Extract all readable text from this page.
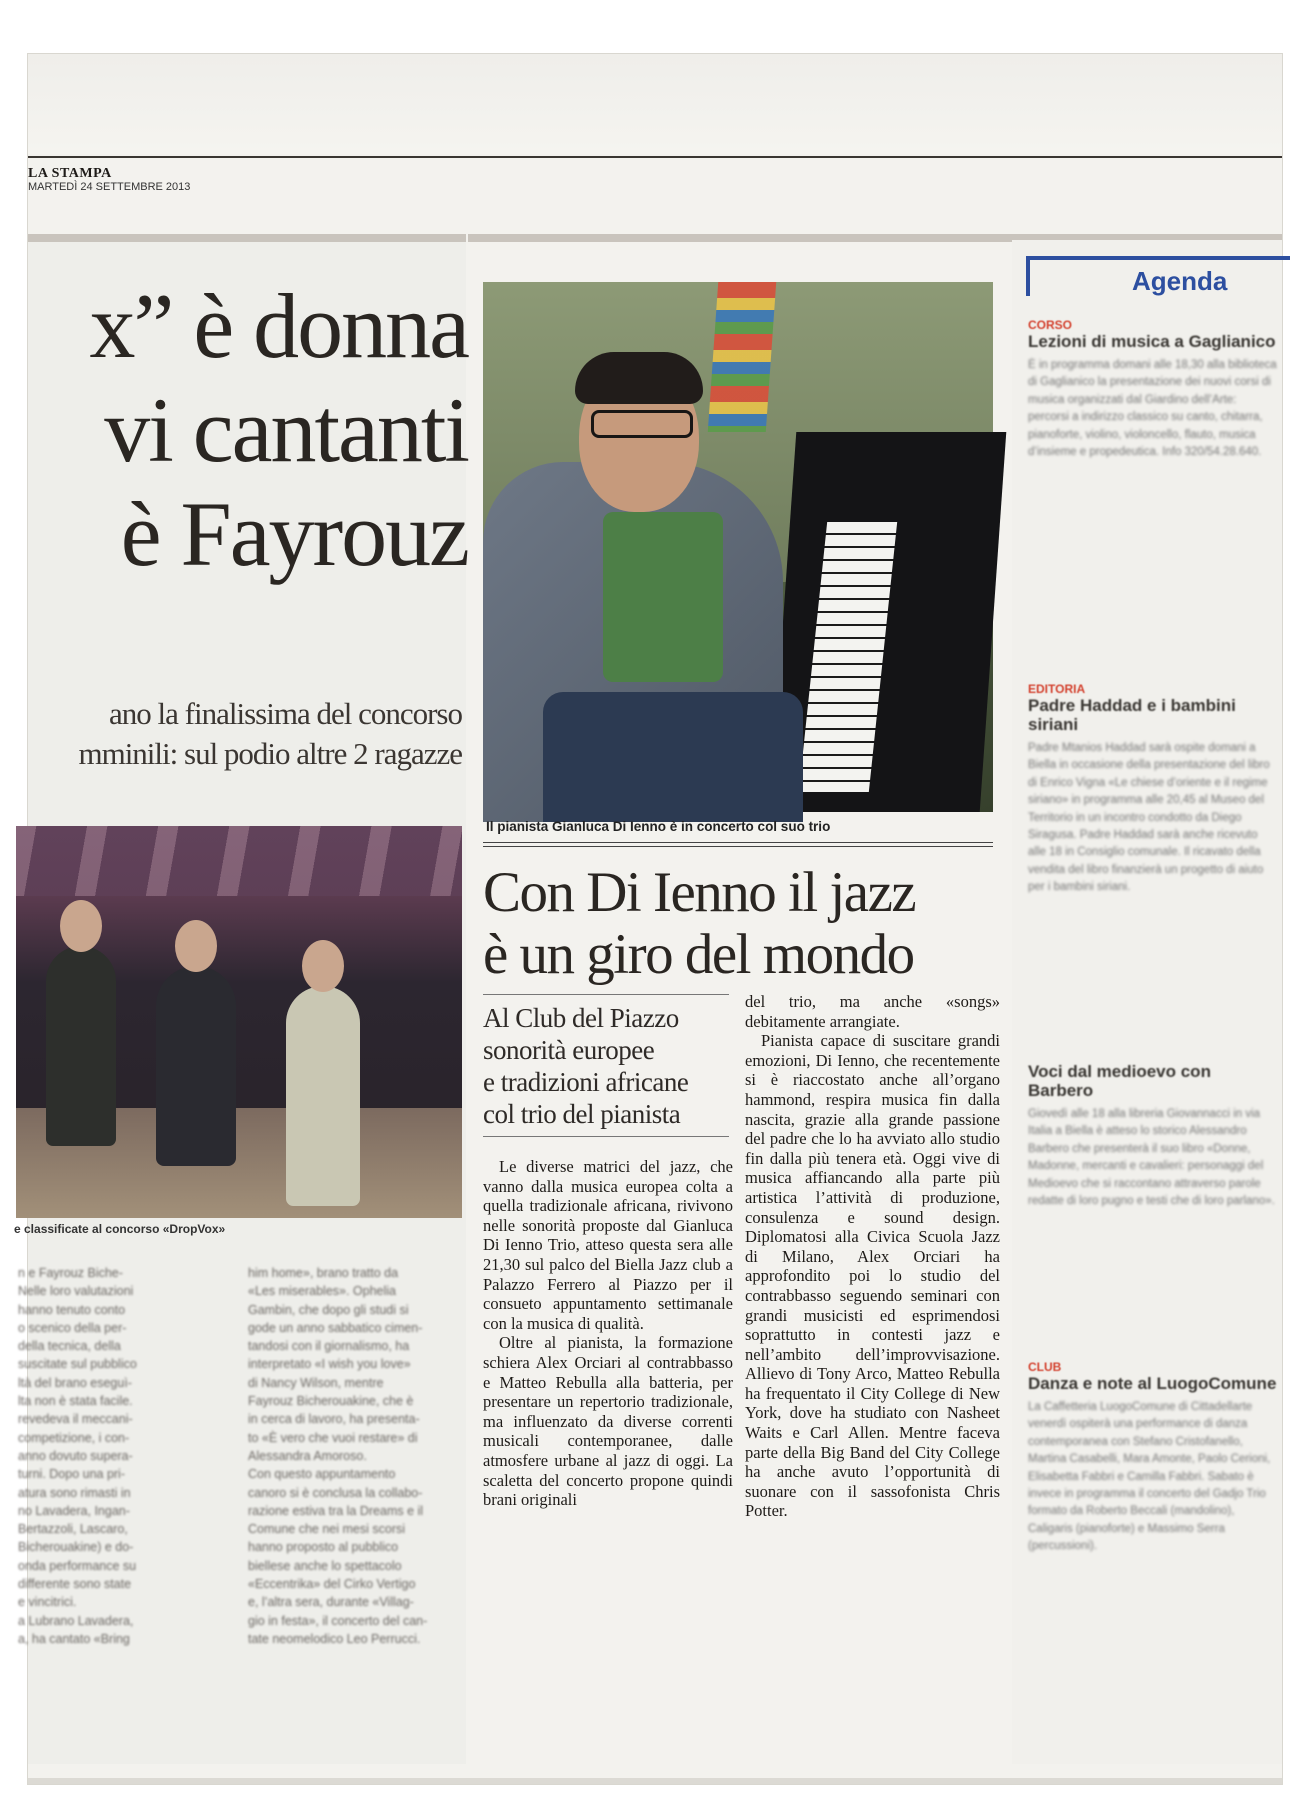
LA STAMPA
MARTEDÌ 24 SETTEMBRE 2013
x” è donna
vi cantanti
è Fayrouz
ano la finalissima del concorso
mminili: sul podio altre 2 ragazze
e classificate al concorso «DropVox»

n e Fayrouz Biche-

Nelle loro valutazioni

hanno tenuto conto

o scenico della per-

della tecnica, della

suscitate sul pubblico

ltà del brano eseguì-

lta non è stata facile.

revedeva il meccani-

competizione, i con-

anno dovuto supera-

turni. Dopo una pri-

atura sono rimasti in

no Lavadera, Ingan-

Bertazzoli, Lascaro,

Bicherouakine) e do-

onda performance su

differente sono state

e vincitrici.

a Lubrano Lavadera,

a, ha cantato «Bring

him home», brano tratto da

«Les miserables». Ophelia

Gambin, che dopo gli studi si

gode un anno sabbatico cimen-

tandosi con il giornalismo, ha

interpretato «I wish you love»

di Nancy Wilson, mentre

Fayrouz Bicherouakine, che è

in cerca di lavoro, ha presenta-

to «È vero che vuoi restare» di

Alessandra Amoroso.

Con questo appuntamento

canoro si è conclusa la collabo-

razione estiva tra la Dreams e il

Comune che nei mesi scorsi

hanno proposto al pubblico

biellese anche lo spettacolo

«Eccentrika» del Cirko Vertigo

e, l’altra sera, durante «Villag-

gio in festa», il concerto del can-

tate neomelodico Leo Perrucci.

Il pianista Gianluca Di Ienno è in concerto col suo trio
Con Di Ienno il jazz
è un giro del mondo
Al Club del Piazzo
sonorità europee
e tradizioni africane
col trio del pianista

Le diverse matrici del jazz, che vanno dalla musica europea colta a quella tradizionale africana, rivivono nelle sonorità proposte dal Gianluca Di Ienno Trio, atteso questa sera alle 21,30 sul palco del Biella Jazz club a Palazzo Ferrero al Piazzo per il consueto appuntamento settimanale con la musica di qualità.

Oltre al pianista, la formazione schiera Alex Orciari al contrabbasso e Matteo Rebulla alla batteria, per presentare un repertorio tradizionale, ma influenzato da diverse correnti musicali contemporanee, dalle atmosfere urbane al jazz di oggi. La scaletta del concerto propone quindi brani originali

del trio, ma anche «songs» debitamente arrangiate.

Pianista capace di suscitare grandi emozioni, Di Ienno, che recentemente si è riaccostato anche all’organo hammond, respira musica fin dalla nascita, grazie alla grande passione del padre che lo ha avviato allo studio fin dalla più tenera età. Oggi vive di musica affiancando alla parte più artistica l’attività di produzione, consulenza e sound design. Diplomatosi alla Civica Scuola Jazz di Milano, Alex Orciari ha approfondito poi lo studio del contrabbasso seguendo seminari con grandi musicisti ed esprimendosi soprattutto in contesti jazz e nell’ambito dell’improvvisazione. Allievo di Tony Arco, Matteo Rebulla ha frequentato il City College di New York, dove ha studiato con Nasheet Waits e Carl Allen. Mentre faceva parte della Big Band del City College ha anche avuto l’opportunità di suonare con il sassofonista Chris Potter.

Agenda
CORSO
Lezioni di musica a Gaglianico
È in programma domani alle 18,30 alla biblioteca di Gaglianico la presentazione dei nuovi corsi di musica organizzati dal Giardino dell’Arte: percorsi a indirizzo classico su canto, chitarra, pianoforte, violino, violoncello, flauto, musica d’insieme e propedeutica. Info 320/54.28.640.
EDITORIA
Padre Haddad e i bambini siriani
Padre Mtanios Haddad sarà ospite domani a Biella in occasione della presentazione del libro di Enrico Vigna «Le chiese d’oriente e il regime siriano» in programma alle 20,45 al Museo del Territorio in un incontro condotto da Diego Siragusa. Padre Haddad sarà anche ricevuto alle 18 in Consiglio comunale. Il ricavato della vendita del libro finanzierà un progetto di aiuto per i bambini siriani.
Voci dal medioevo con Barbero
Giovedì alle 18 alla libreria Giovannacci in via Italia a Biella è atteso lo storico Alessandro Barbero che presenterà il suo libro «Donne, Madonne, mercanti e cavalieri: personaggi del Medioevo che si raccontano attraverso parole redatte di loro pugno e testi che di loro parlano».
CLUB
Danza e note al LuogoComune
La Caffetteria LuogoComune di Cittadellarte venerdì ospiterà una performance di danza contemporanea con Stefano Cristofanello, Martina Casabelli, Mara Amonte, Paolo Cerioni, Elisabetta Fabbri e Camilla Fabbri. Sabato è invece in programma il concerto del Gadjo Trio formato da Roberto Beccali (mandolino), Caligaris (pianoforte) e Massimo Serra (percussioni).
